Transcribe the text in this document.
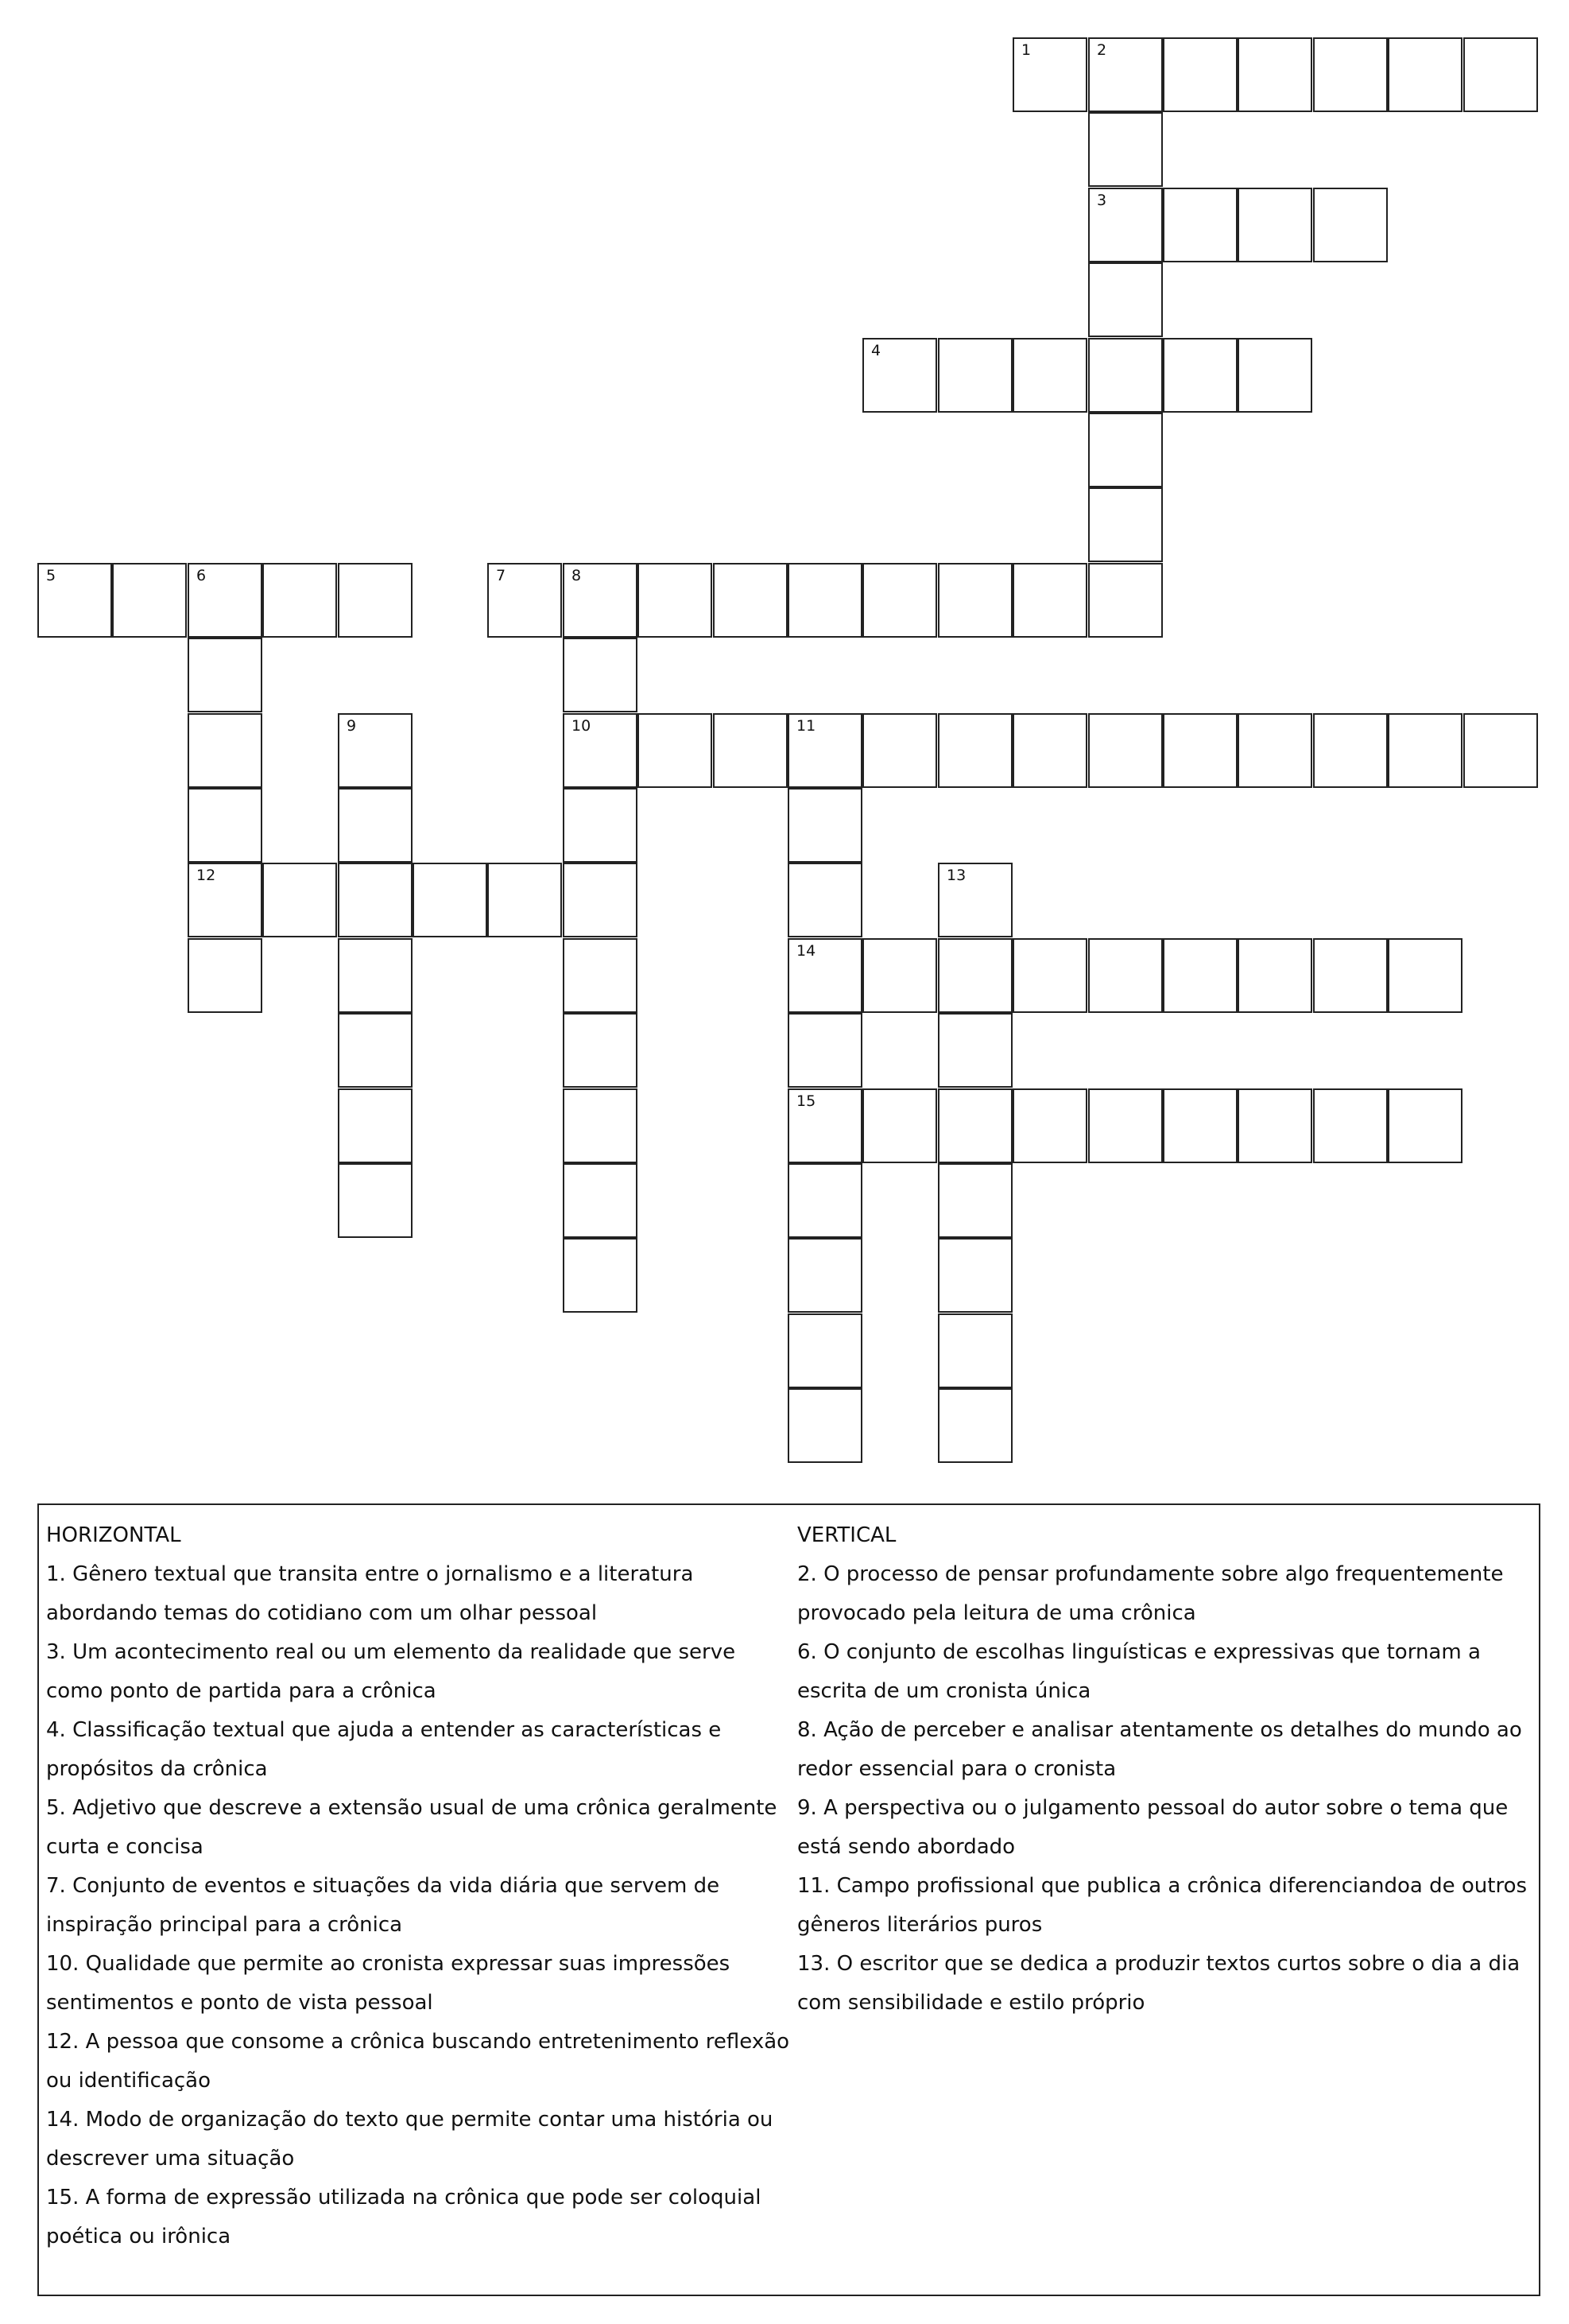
1	2
3
4
5	6	7	8
10	11
12
14
15
9
13
HORIZONTAL
1. Gênero textual que transita entre o jornalismo e a literatura abordando temas do cotidiano com um olhar pessoal
3. Um acontecimento real ou um elemento da realidade que serve como ponto de partida para a crônica
4. Classificação textual que ajuda a entender as características e propósitos da crônica
5. Adjetivo que descreve a extensão usual de uma crônica geralmente curta e concisa
7. Conjunto de eventos e situações da vida diária que servem de inspiração principal para a crônica
10. Qualidade que permite ao cronista expressar suas impressões sentimentos e ponto de vista pessoal
12. A pessoa que consome a crônica buscando entretenimento reflexão ou identificação
14. Modo de organização do texto que permite contar uma história ou descrever uma situação
15. A forma de expressão utilizada na crônica que pode ser coloquial poética ou irônica
VERTICAL
2. O processo de pensar profundamente sobre algo frequentemente provocado pela leitura de uma crônica
6. O conjunto de escolhas linguísticas e expressivas que tornam a escrita de um cronista única
8. Ação de perceber e analisar atentamente os detalhes do mundo ao redor essencial para o cronista
9. A perspectiva ou o julgamento pessoal do autor sobre o tema que está sendo abordado
11. Campo profissional que publica a crônica diferenciandoa de outros gêneros literários puros
13. O escritor que se dedica a produzir textos curtos sobre o dia a dia com sensibilidade e estilo próprio
